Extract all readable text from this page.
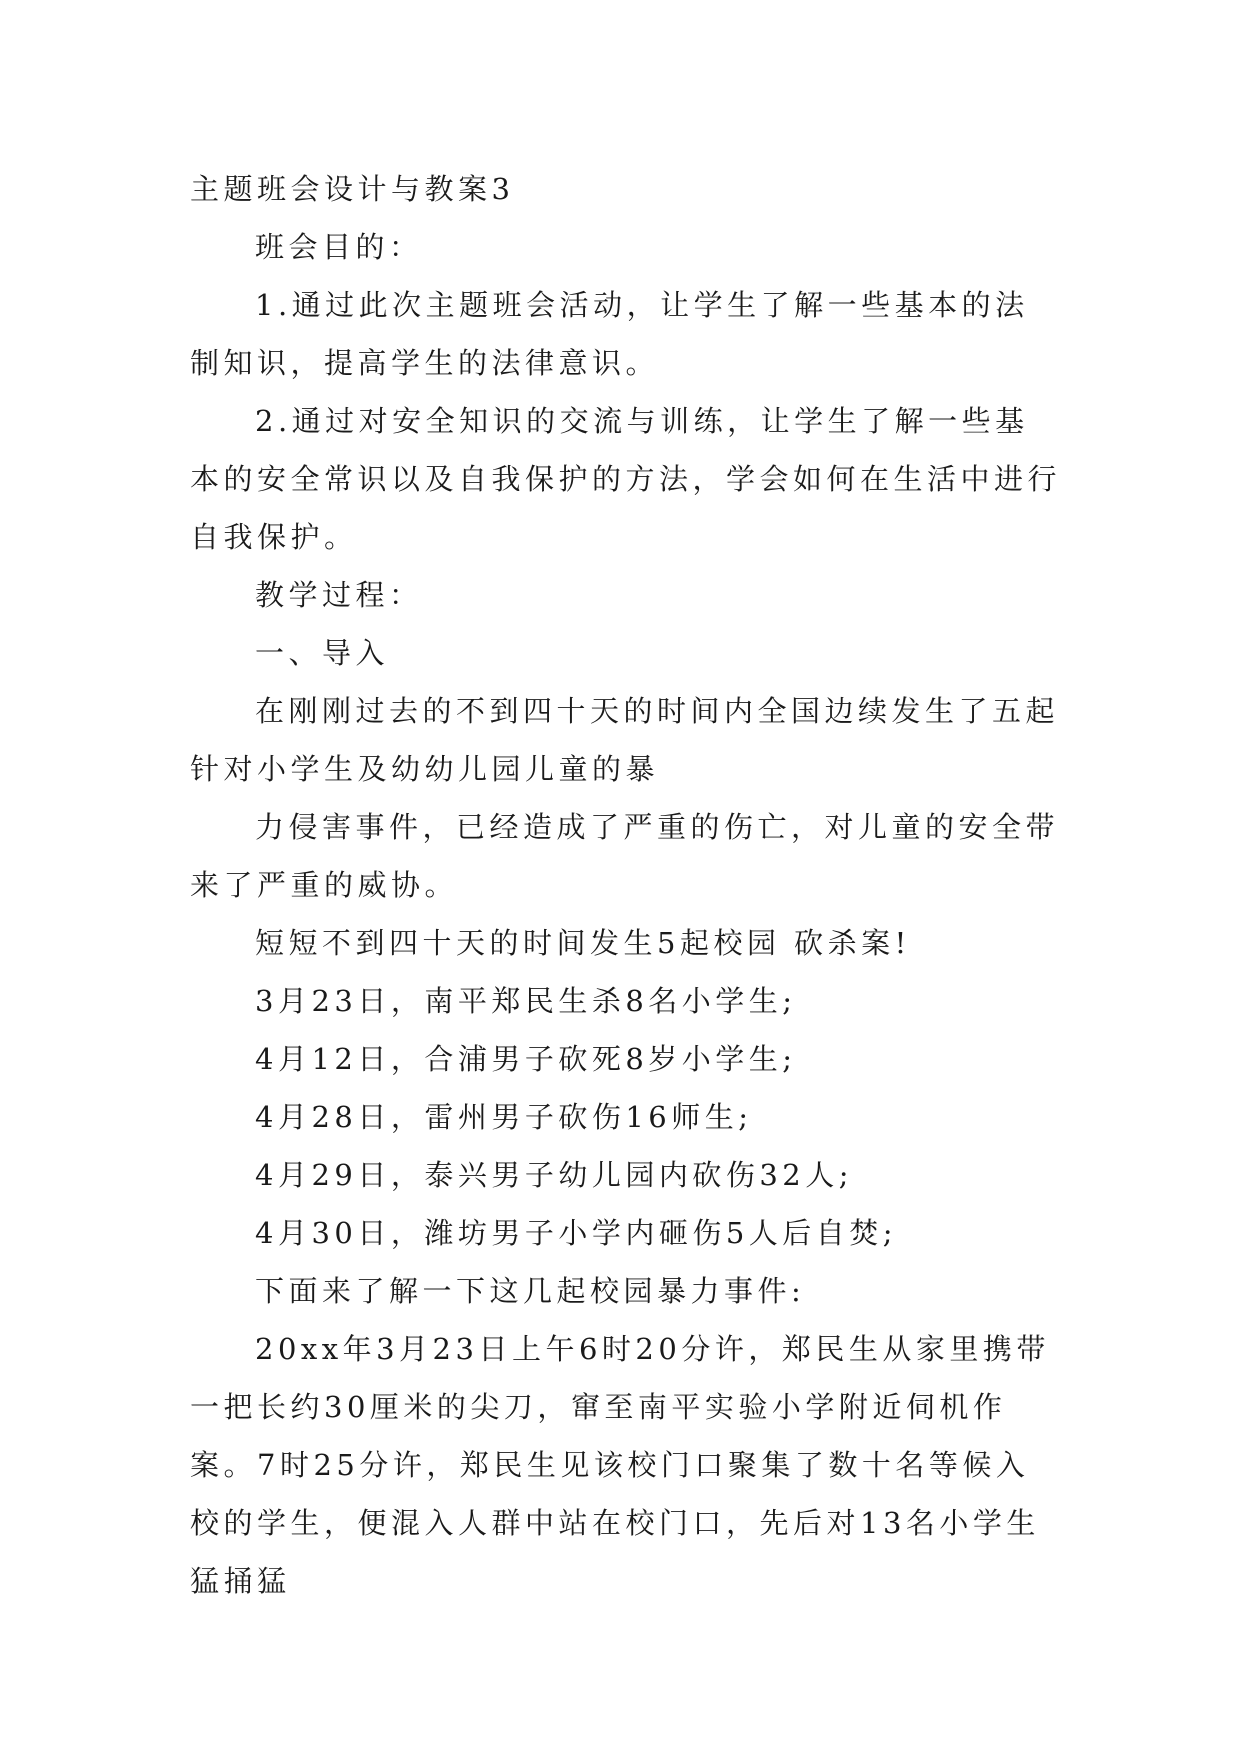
主题班会设计与教案3

班会目的：

1.通过此次主题班会活动，让学生了解一些基本的法制知识，提高学生的法律意识。

2.通过对安全知识的交流与训练，让学生了解一些基本的安全常识以及自我保护的方法，学会如何在生活中进行自我保护。

教学过程：

一、导入

在刚刚过去的不到四十天的时间内全国边续发生了五起针对小学生及幼幼儿园儿童的暴

力侵害事件，已经造成了严重的伤亡，对儿童的安全带来了严重的威协。

短短不到四十天的时间发生5起校园 砍杀案!

3月23日，南平郑民生杀8名小学生;

4月12日，合浦男子砍死8岁小学生;

4月28日，雷州男子砍伤16师生;

4月29日，泰兴男子幼儿园内砍伤32人;

4月30日，潍坊男子小学内砸伤5人后自焚;

下面来了解一下这几起校园暴力事件:

20xx年3月23日上午6时20分许，郑民生从家里携带一把长约30厘米的尖刀，窜至南平实验小学附近伺机作案。7时25分许，郑民生见该校门口聚集了数十名等候入校的学生，便混入人群中站在校门口，先后对13名小学生猛捅猛
